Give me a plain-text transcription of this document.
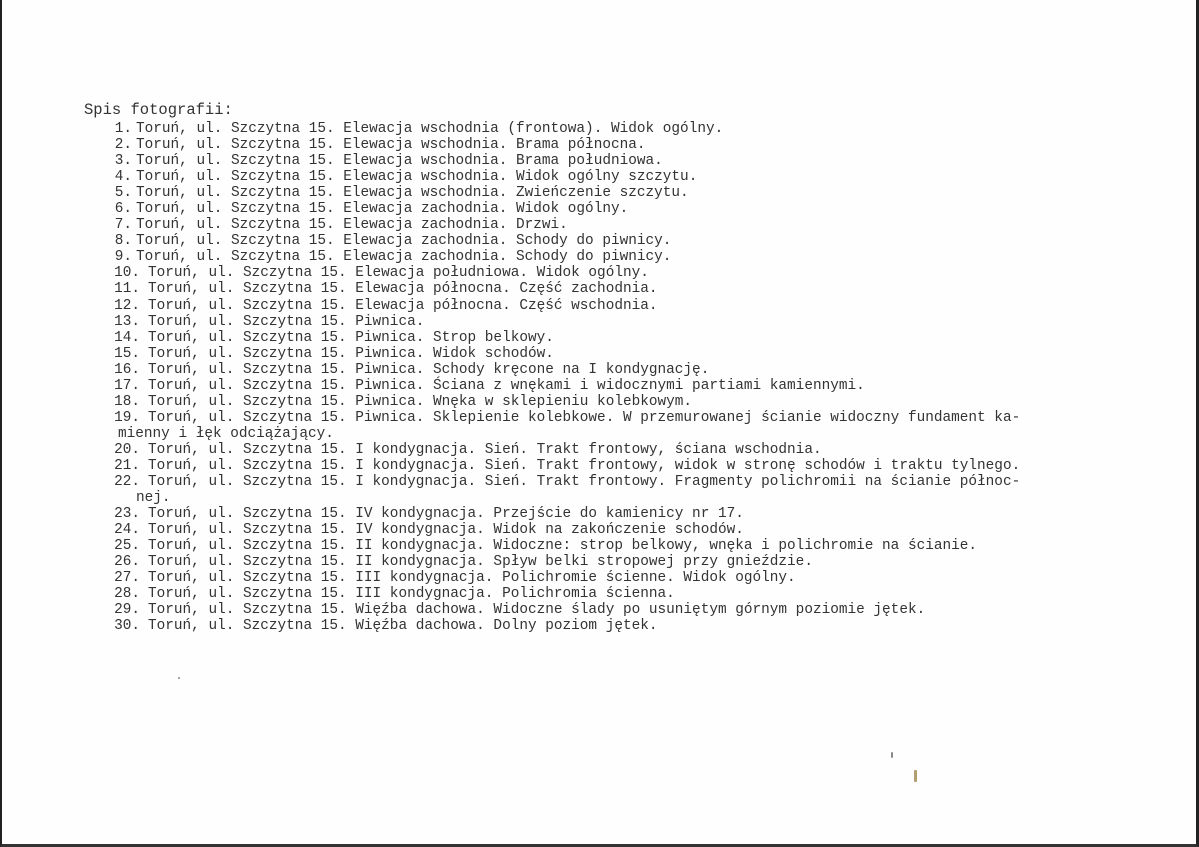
Spis fotografii:
1. Toruń, ul. Szczytna 15. Elewacja wschodnia (frontowa). Widok ogólny.
2. Toruń, ul. Szczytna 15. Elewacja wschodnia. Brama północna.
3. Toruń, ul. Szczytna 15. Elewacja wschodnia. Brama południowa.
4. Toruń, ul. Szczytna 15. Elewacja wschodnia. Widok ogólny szczytu.
5. Toruń, ul. Szczytna 15. Elewacja wschodnia. Zwieńczenie szczytu.
6. Toruń, ul. Szczytna 15. Elewacja zachodnia. Widok ogólny.
7. Toruń, ul. Szczytna 15. Elewacja zachodnia. Drzwi.
8. Toruń, ul. Szczytna 15. Elewacja zachodnia. Schody do piwnicy.
9. Toruń, ul. Szczytna 15. Elewacja zachodnia. Schody do piwnicy.
10. Toruń, ul. Szczytna 15. Elewacja południowa. Widok ogólny.
11. Toruń, ul. Szczytna 15. Elewacja północna. Część zachodnia.
12. Toruń, ul. Szczytna 15. Elewacja północna. Część wschodnia.
13. Toruń, ul. Szczytna 15. Piwnica.
14. Toruń, ul. Szczytna 15. Piwnica. Strop belkowy.
15. Toruń, ul. Szczytna 15. Piwnica. Widok schodów.
16. Toruń, ul. Szczytna 15. Piwnica. Schody kręcone na I kondygnację.
17. Toruń, ul. Szczytna 15. Piwnica. Ściana z wnękami i widocznymi partiami kamiennymi.
18. Toruń, ul. Szczytna 15. Piwnica. Wnęka w sklepieniu kolebkowym.
19. Toruń, ul. Szczytna 15. Piwnica. Sklepienie kolebkowe. W przemurowanej ścianie widoczny fundament ka-
mienny i łęk odciążający.
20. Toruń, ul. Szczytna 15. I kondygnacja. Sień. Trakt frontowy, ściana wschodnia.
21. Toruń, ul. Szczytna 15. I kondygnacja. Sień. Trakt frontowy, widok w stronę schodów i traktu tylnego.
22. Toruń, ul. Szczytna 15. I kondygnacja. Sień. Trakt frontowy. Fragmenty polichromii na ścianie północ-
nej.
23. Toruń, ul. Szczytna 15. IV kondygnacja. Przejście do kamienicy nr 17.
24. Toruń, ul. Szczytna 15. IV kondygnacja. Widok na zakończenie schodów.
25. Toruń, ul. Szczytna 15. II kondygnacja. Widoczne: strop belkowy, wnęka i polichromie na ścianie.
26. Toruń, ul. Szczytna 15. II kondygnacja. Spływ belki stropowej przy gnieździe.
27. Toruń, ul. Szczytna 15. III kondygnacja. Polichromie ścienne. Widok ogólny.
28. Toruń, ul. Szczytna 15. III kondygnacja. Polichromia ścienna.
29. Toruń, ul. Szczytna 15. Więźba dachowa. Widoczne ślady po usuniętym górnym poziomie jętek.
30. Toruń, ul. Szczytna 15. Więźba dachowa. Dolny poziom jętek.
